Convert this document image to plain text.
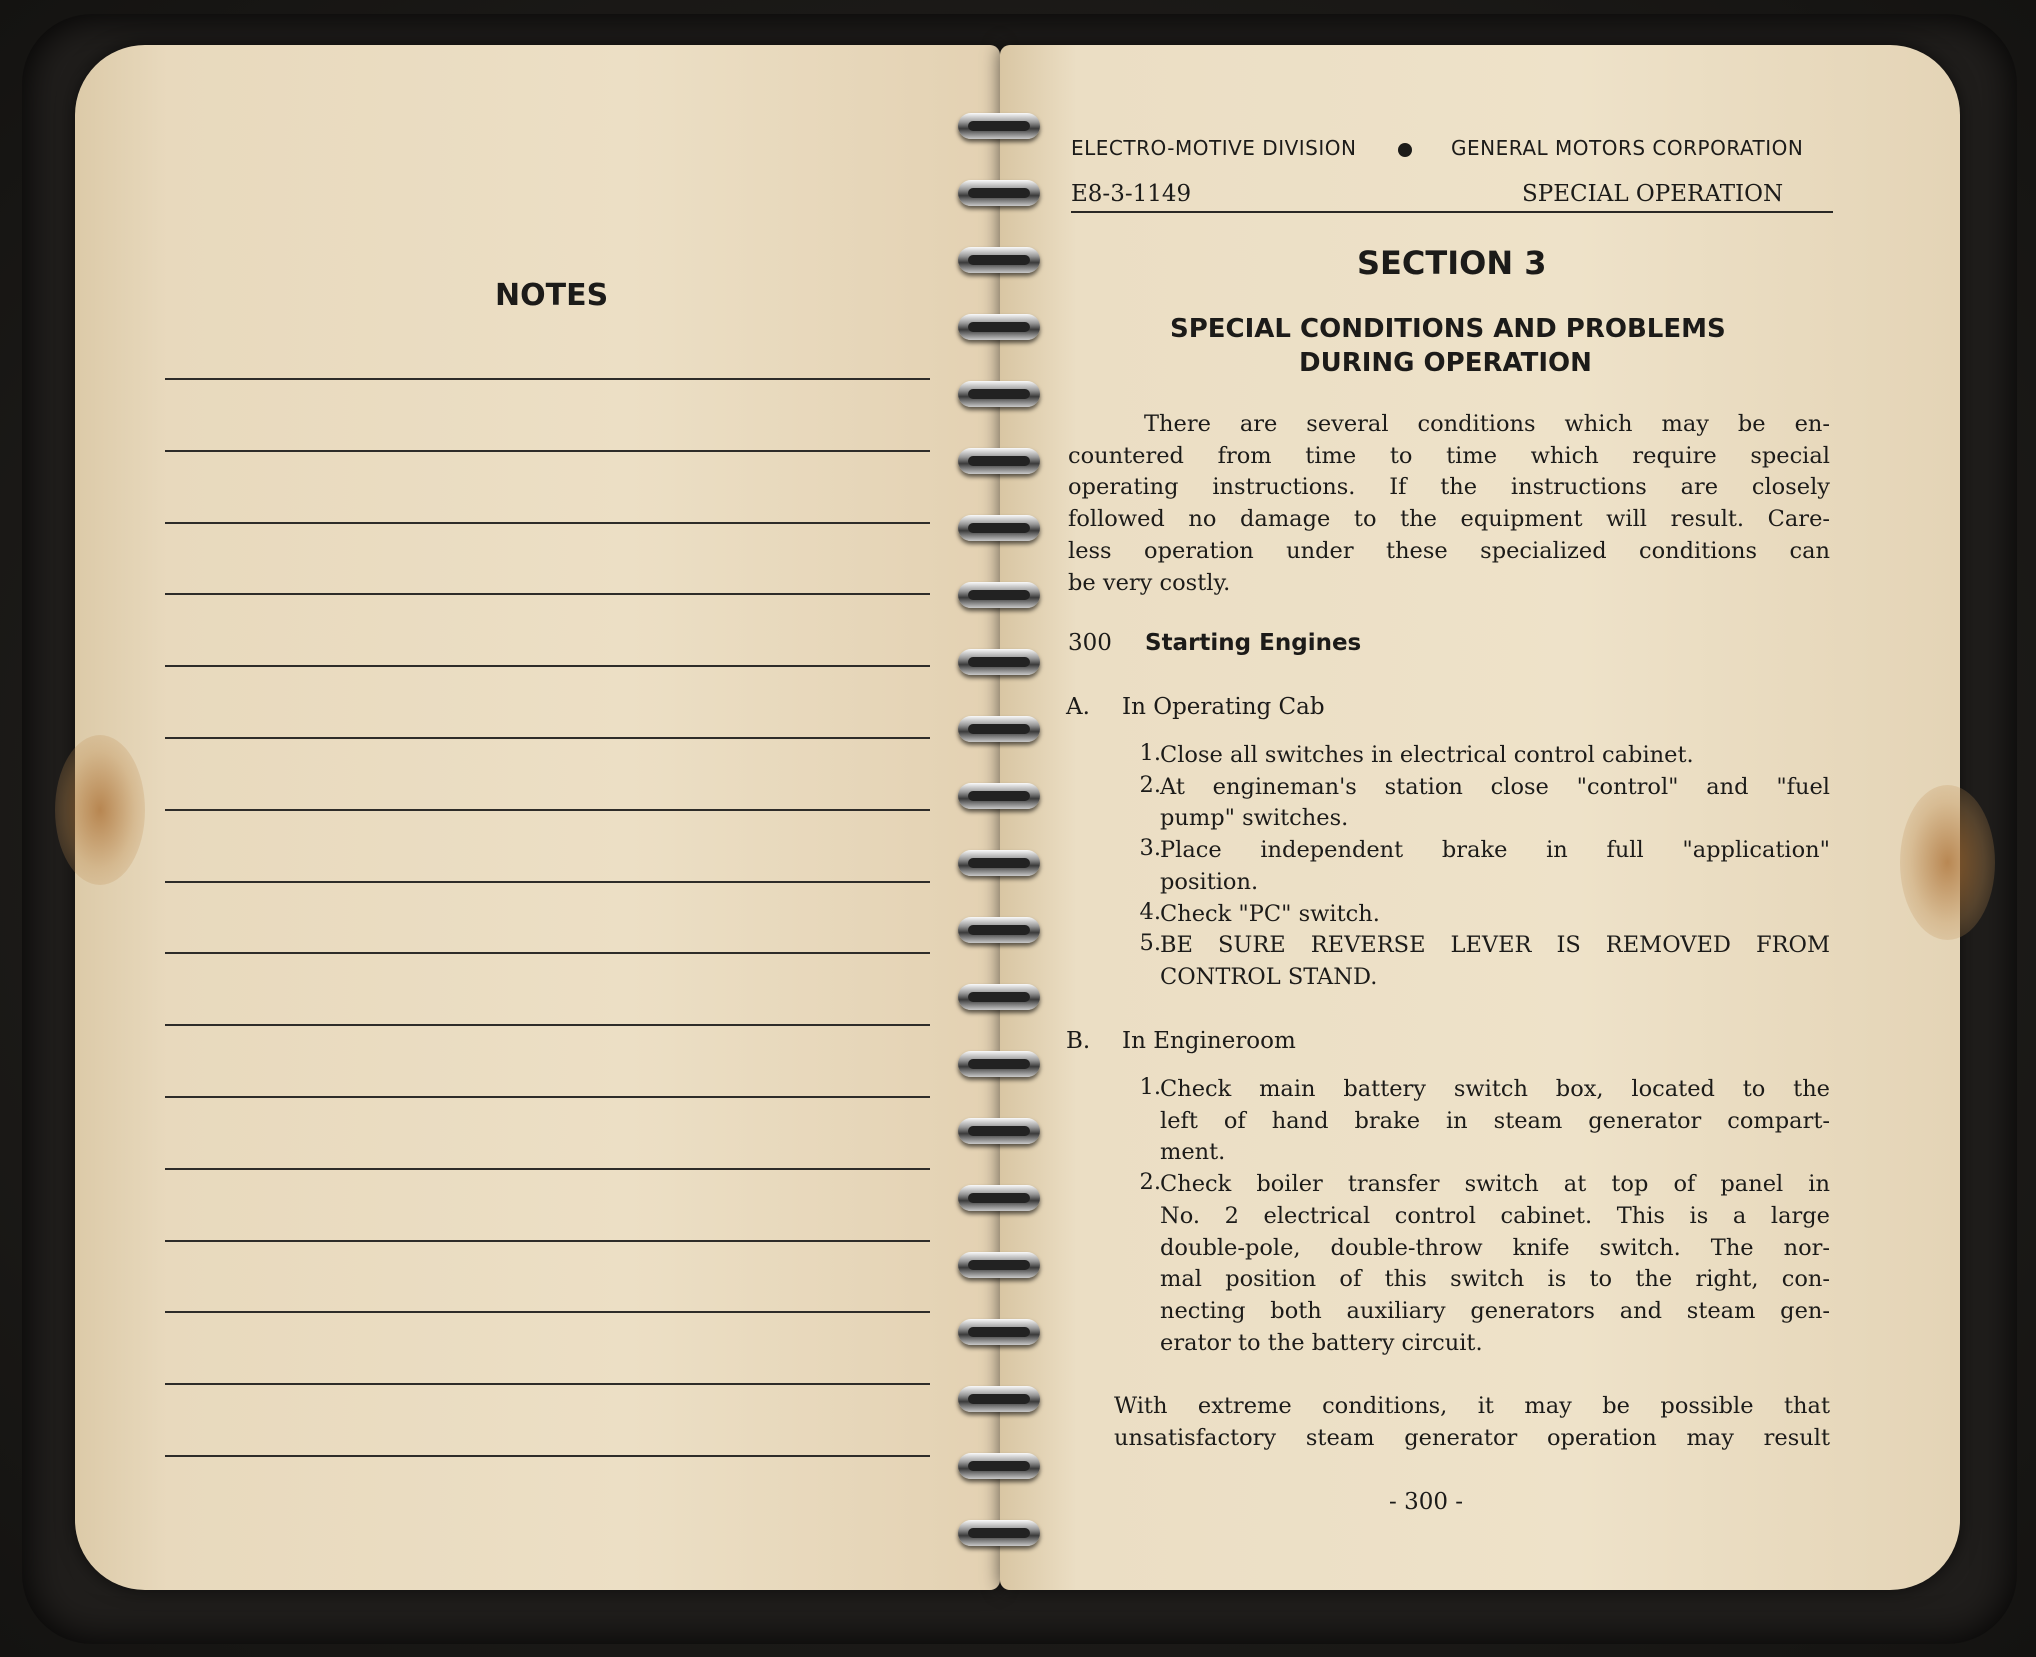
NOTES
ELECTRO-MOTIVE DIVISION	GENERAL MOTORS CORPORATION
E8-3-1149	SPECIAL OPERATION
SECTION 3
SPECIAL CONDITIONS AND PROBLEMS
DURING OPERATION
There are several conditions which may be en-
countered from time to time which require special
operating instructions. If the instructions are closely
followed no damage to the equipment will result. Care-
less operation under these specialized conditions can
be very costly.
300 Starting Engines
A. In Operating Cab
1. Close all switches in electrical control cabinet.
2. At engineman's station close "control" and "fuel
pump" switches.
3. Place independent brake in full "application"
position.
4. Check "PC" switch.
5. BE SURE REVERSE LEVER IS REMOVED FROM
CONTROL STAND.
B. In Engineroom
1. Check main battery switch box, located to the
left of hand brake in steam generator compart-
ment.
2. Check boiler transfer switch at top of panel in
No. 2 electrical control cabinet. This is a large
double-pole, double-throw knife switch. The nor-
mal position of this switch is to the right, con-
necting both auxiliary generators and steam gen-
erator to the battery circuit.
With extreme conditions, it may be possible that
unsatisfactory steam generator operation may result
- 300 -
